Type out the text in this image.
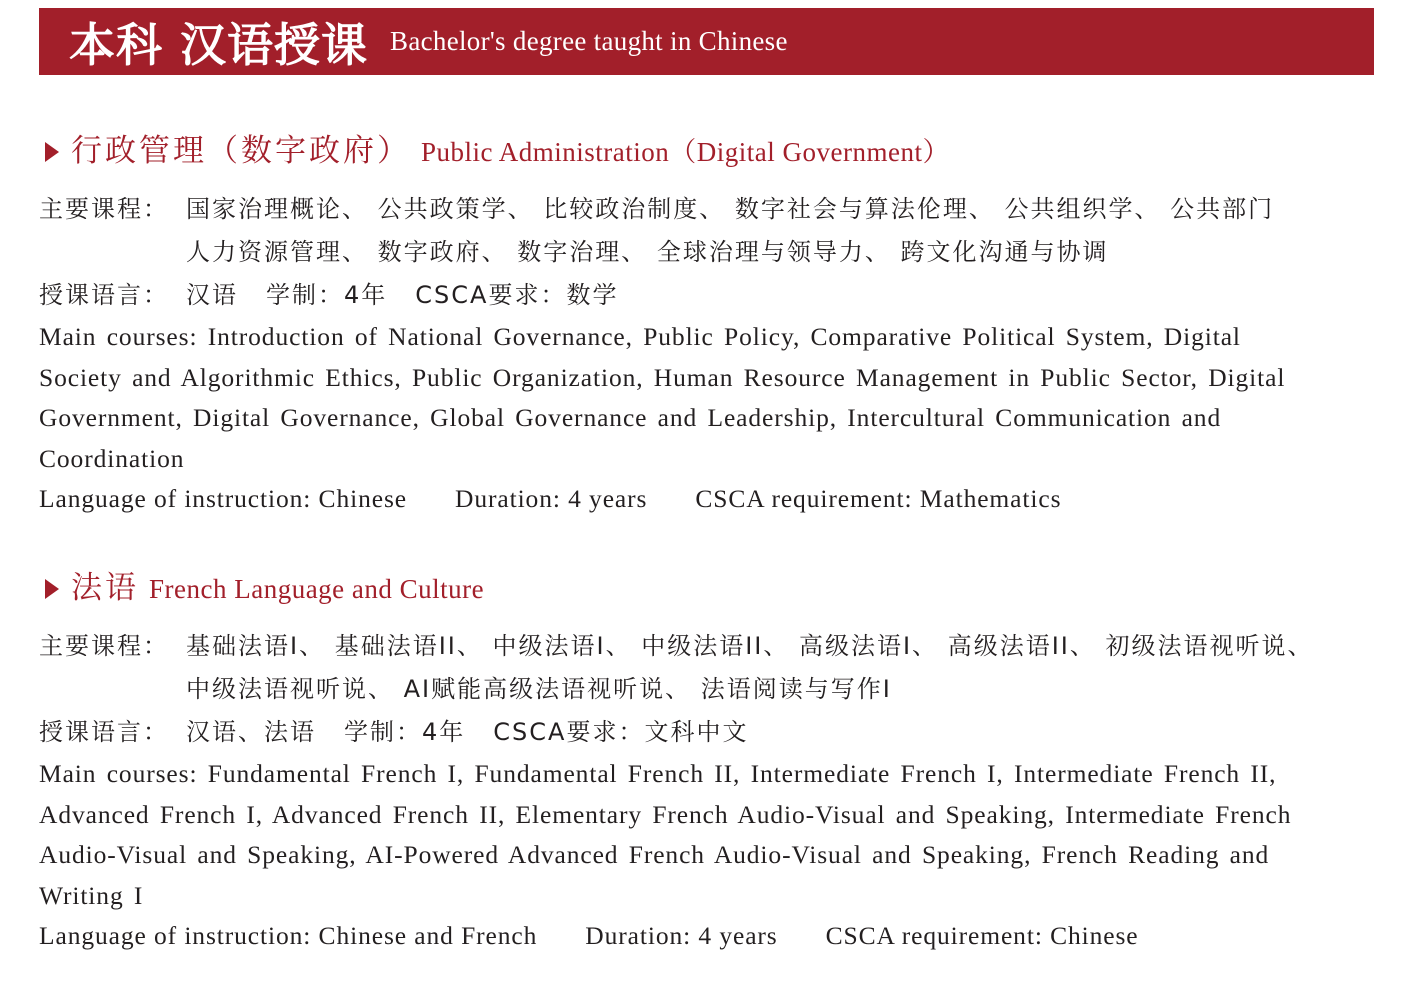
本科 汉语授课 Bachelor's degree taught in Chinese
行政管理（数字政府） Public Administration（Digital Government）
主要课程： 国家治理概论、 公共政策学、 比较政治制度、 数字社会与算法伦理、 公共组织学、 公共部门
人力资源管理、 数字政府、 数字治理、 全球治理与领导力、 跨文化沟通与协调
授课语言： 汉语 学制：4年 CSCA要求：数学
Main courses: Introduction of National Governance, Public Policy, Comparative Political System, Digital
Society and Algorithmic Ethics, Public Organization, Human Resource Management in Public Sector, Digital
Government, Digital Governance, Global Governance and Leadership, Intercultural Communication and
Coordination
Language of instruction: Chinese Duration: 4 years CSCA requirement: Mathematics
法语 French Language and Culture
主要课程： 基础法语I、 基础法语II、 中级法语I、 中级法语II、 高级法语I、 高级法语II、 初级法语视听说、
中级法语视听说、 AI赋能高级法语视听说、 法语阅读与写作I
授课语言： 汉语、法语 学制：4年 CSCA要求：文科中文
Main courses: Fundamental French I, Fundamental French II, Intermediate French I, Intermediate French II,
Advanced French I, Advanced French II, Elementary French Audio-Visual and Speaking, Intermediate French
Audio-Visual and Speaking, AI-Powered Advanced French Audio-Visual and Speaking, French Reading and
Writing I
Language of instruction: Chinese and French Duration: 4 years CSCA requirement: Chinese
